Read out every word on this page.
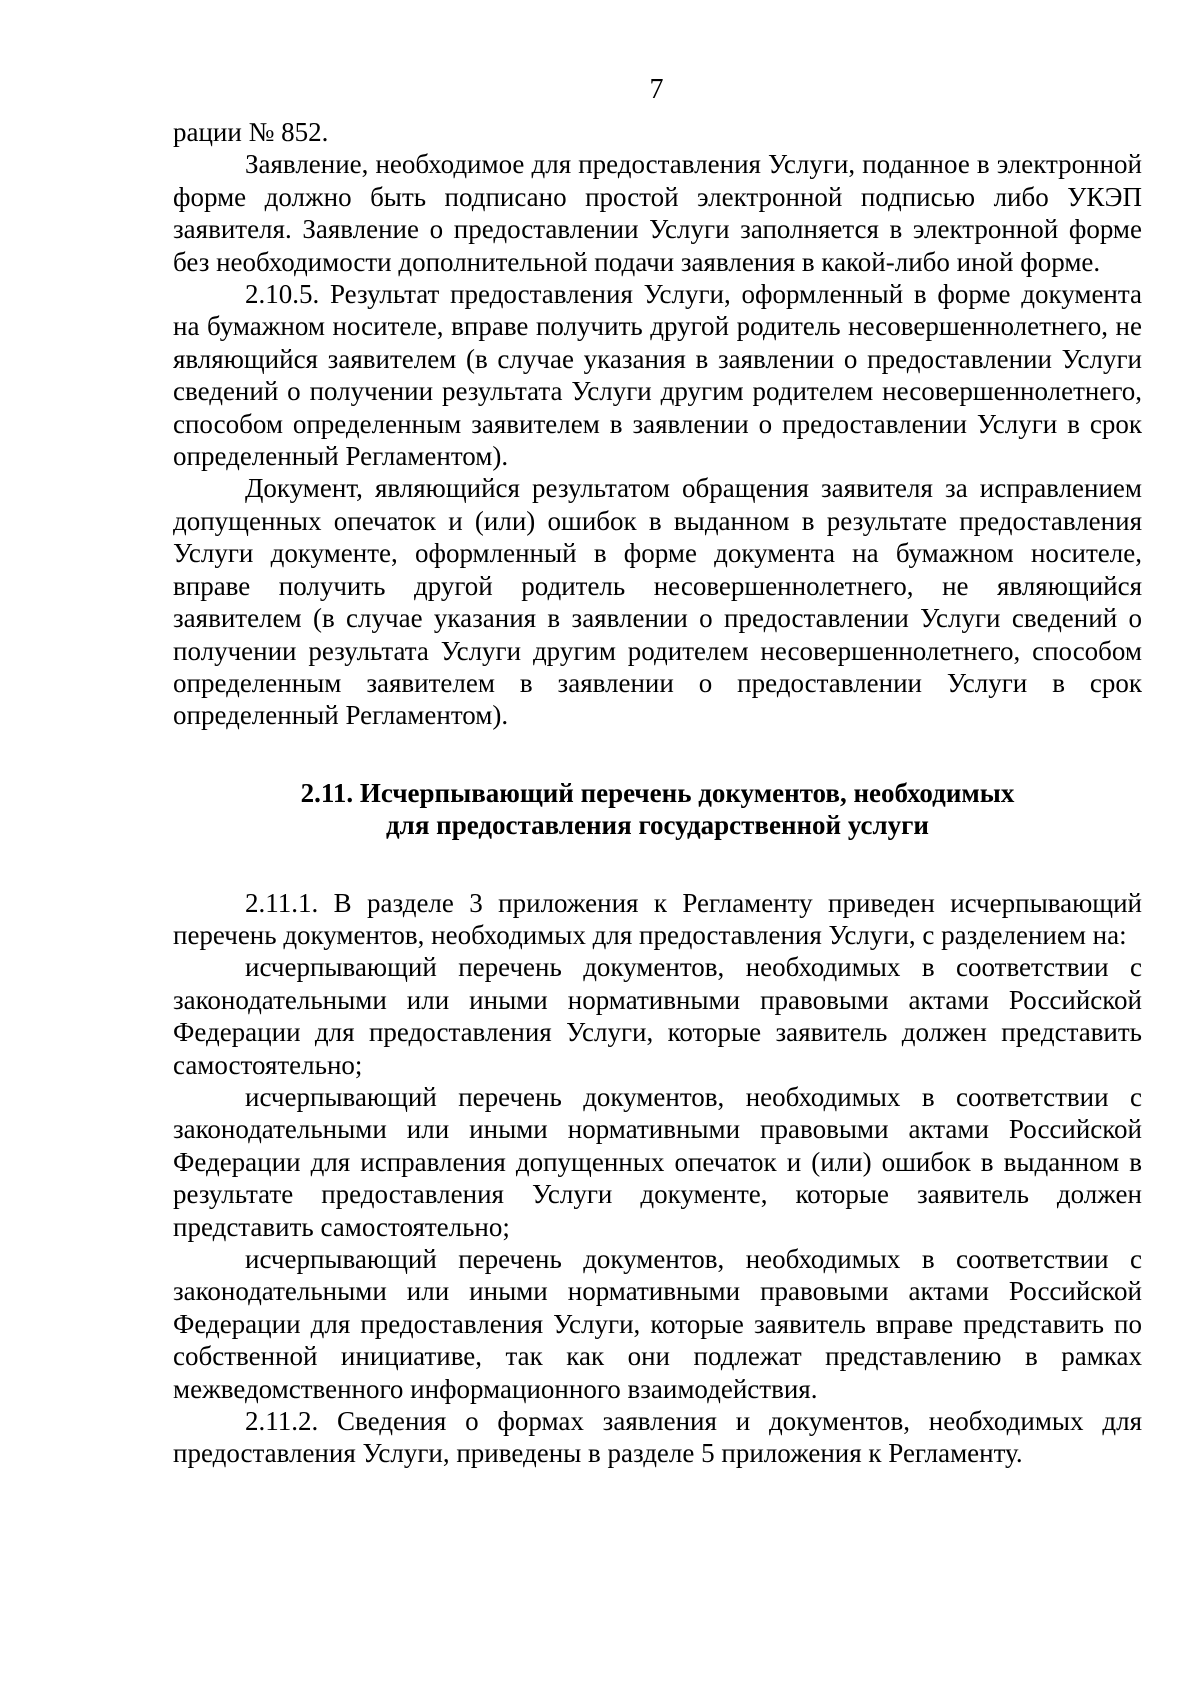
7

рации № 852.

Заявление, необходимое для предоставления Услуги, поданное в электронной форме должно быть подписано простой электронной подписью либо УКЭП заявителя. Заявление о предоставлении Услуги заполняется в электронной форме без необходимости дополнительной подачи заявления в какой-либо иной форме.

2.10.5. Результат предоставления Услуги, оформленный в форме документа на бумажном носителе, вправе получить другой родитель несовершеннолетнего, не являющийся заявителем (в случае указания в заявлении о предоставлении Услуги сведений о получении результата Услуги другим родителем несовершеннолетнего, способом определенным заявителем в заявлении о предоставлении Услуги в срок определенный Регламентом).

Документ, являющийся результатом обращения заявителя за исправлением допущенных опечаток и (или) ошибок в выданном в результате предоставления Услуги документе, оформленный в форме документа на бумажном носителе, вправе получить другой родитель несовершеннолетнего, не являющийся заявителем (в случае указания в заявлении о предоставлении Услуги сведений о получении результата Услуги другим родителем несовершеннолетнего, способом определенным заявителем в заявлении о предоставлении Услуги в срок определенный Регламентом).

2.11. Исчерпывающий перечень документов, необходимых
для предоставления государственной услуги

2.11.1. В разделе 3 приложения к Регламенту приведен исчерпывающий перечень документов, необходимых для предоставления Услуги, с разделением на:

исчерпывающий перечень документов, необходимых в соответствии с законодательными или иными нормативными правовыми актами Российской Федерации для предоставления Услуги, которые заявитель должен представить самостоятельно;

исчерпывающий перечень документов, необходимых в соответствии с законодательными или иными нормативными правовыми актами Российской Федерации для исправления допущенных опечаток и (или) ошибок в выданном в результате предоставления Услуги документе, которые заявитель должен представить самостоятельно;

исчерпывающий перечень документов, необходимых в соответствии с законодательными или иными нормативными правовыми актами Российской Федерации для предоставления Услуги, которые заявитель вправе представить по собственной инициативе, так как они подлежат представлению в рамках межведомственного информационного взаимодействия.

2.11.2. Сведения о формах заявления и документов, необходимых для предоставления Услуги, приведены в разделе 5 приложения к Регламенту.
